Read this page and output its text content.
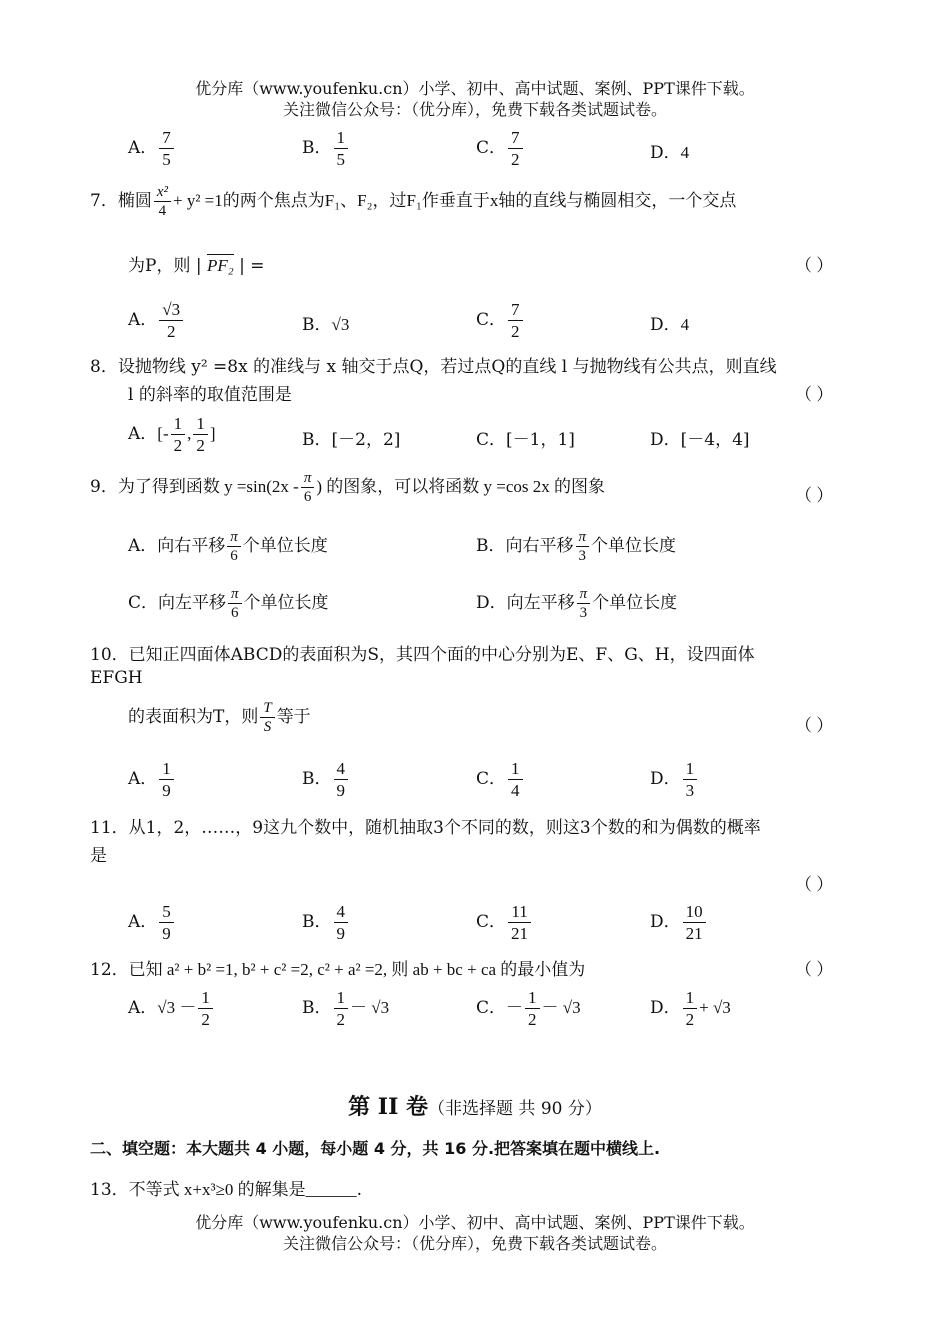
优分库（www.youfenku.cn）小学、初中、高中试题、案例、PPT课件下载。
关注微信公众号：（优分库），免费下载各类试题试卷。
A． $\frac{7}{5}$	B． $\frac{1}{5}$	C． $\frac{7}{2}$	D．4
7．椭圆 $\frac{\text{x²}}{4} + y^2 =1$的两个焦点为F₁、F₂，过F₁作垂直于x轴的直线与椭圆相交，一个交点
为P，则 | PF₂ | =	（ ）
A． $\frac{√3}{2}$	B．√3	C． $\frac{7}{2}$	D．4
8．设抛物线 y² =8x 的准线与 x 轴交于点Q，若过点Q的直线 l 与抛物线有公共点，则直线
l 的斜率的取值范围是	（ ）
A．[- $\frac{1}{2}$ , $\frac{1}{2}$ ]	B．[－2，2]	C．[－1，1]	D．[－4，4]
9．为了得到函数 $y =\sin(2x - \frac{\pi}{6}$ ) 的图象，可以将函数 y =cos 2x 的图象	（ ）
A．向右平移 $\frac{\pi}{6}$ 个单位长度	B．向右平移 $\frac{\pi}{3}$ 个单位长度
C．向左平移 $\frac{\pi}{6}$ 个单位长度	D．向左平移 $\frac{\pi}{3}$ 个单位长度
10．已知正四面体ABCD的表面积为S，其四个面的中心分别为E、F、G、H，设四面体
EFGH
的表面积为T，则 $\frac{T}{S}$ 等于	（ ）
A． $\frac{1}{9}$	B． $\frac{4}{9}$	C． $\frac{1}{4}$	D． $\frac{1}{3}$
11．从1，2，……，9这九个数中，随机抽取3个不同的数，则这3个数的和为偶数的概率
是
（ ）
A． $\frac{5}{9}$	B． $\frac{4}{9}$	C． $\frac{11}{21}$	D． $\frac{10}{21}$
12．已知 a² + b² =1, b² + c² =2, c² + a² =2, 则 ab + bc + ca 的最小值为	（ ）
A．$√3 - \frac{1}{2}$	B． $\frac{1}{2} - √3$	C．－ $\frac{1}{2} - √3$	D． $\frac{1}{2} + √3$
第 II 卷（非选择题 共 90 分）
二、填空题：本大题共 4 小题，每小题 4 分，共 16 分.把答案填在题中横线上.
13．不等式 x+x³≥0 的解集是______.
优分库（www.youfenku.cn）小学、初中、高中试题、案例、PPT课件下载。
关注微信公众号：（优分库），免费下载各类试题试卷。
